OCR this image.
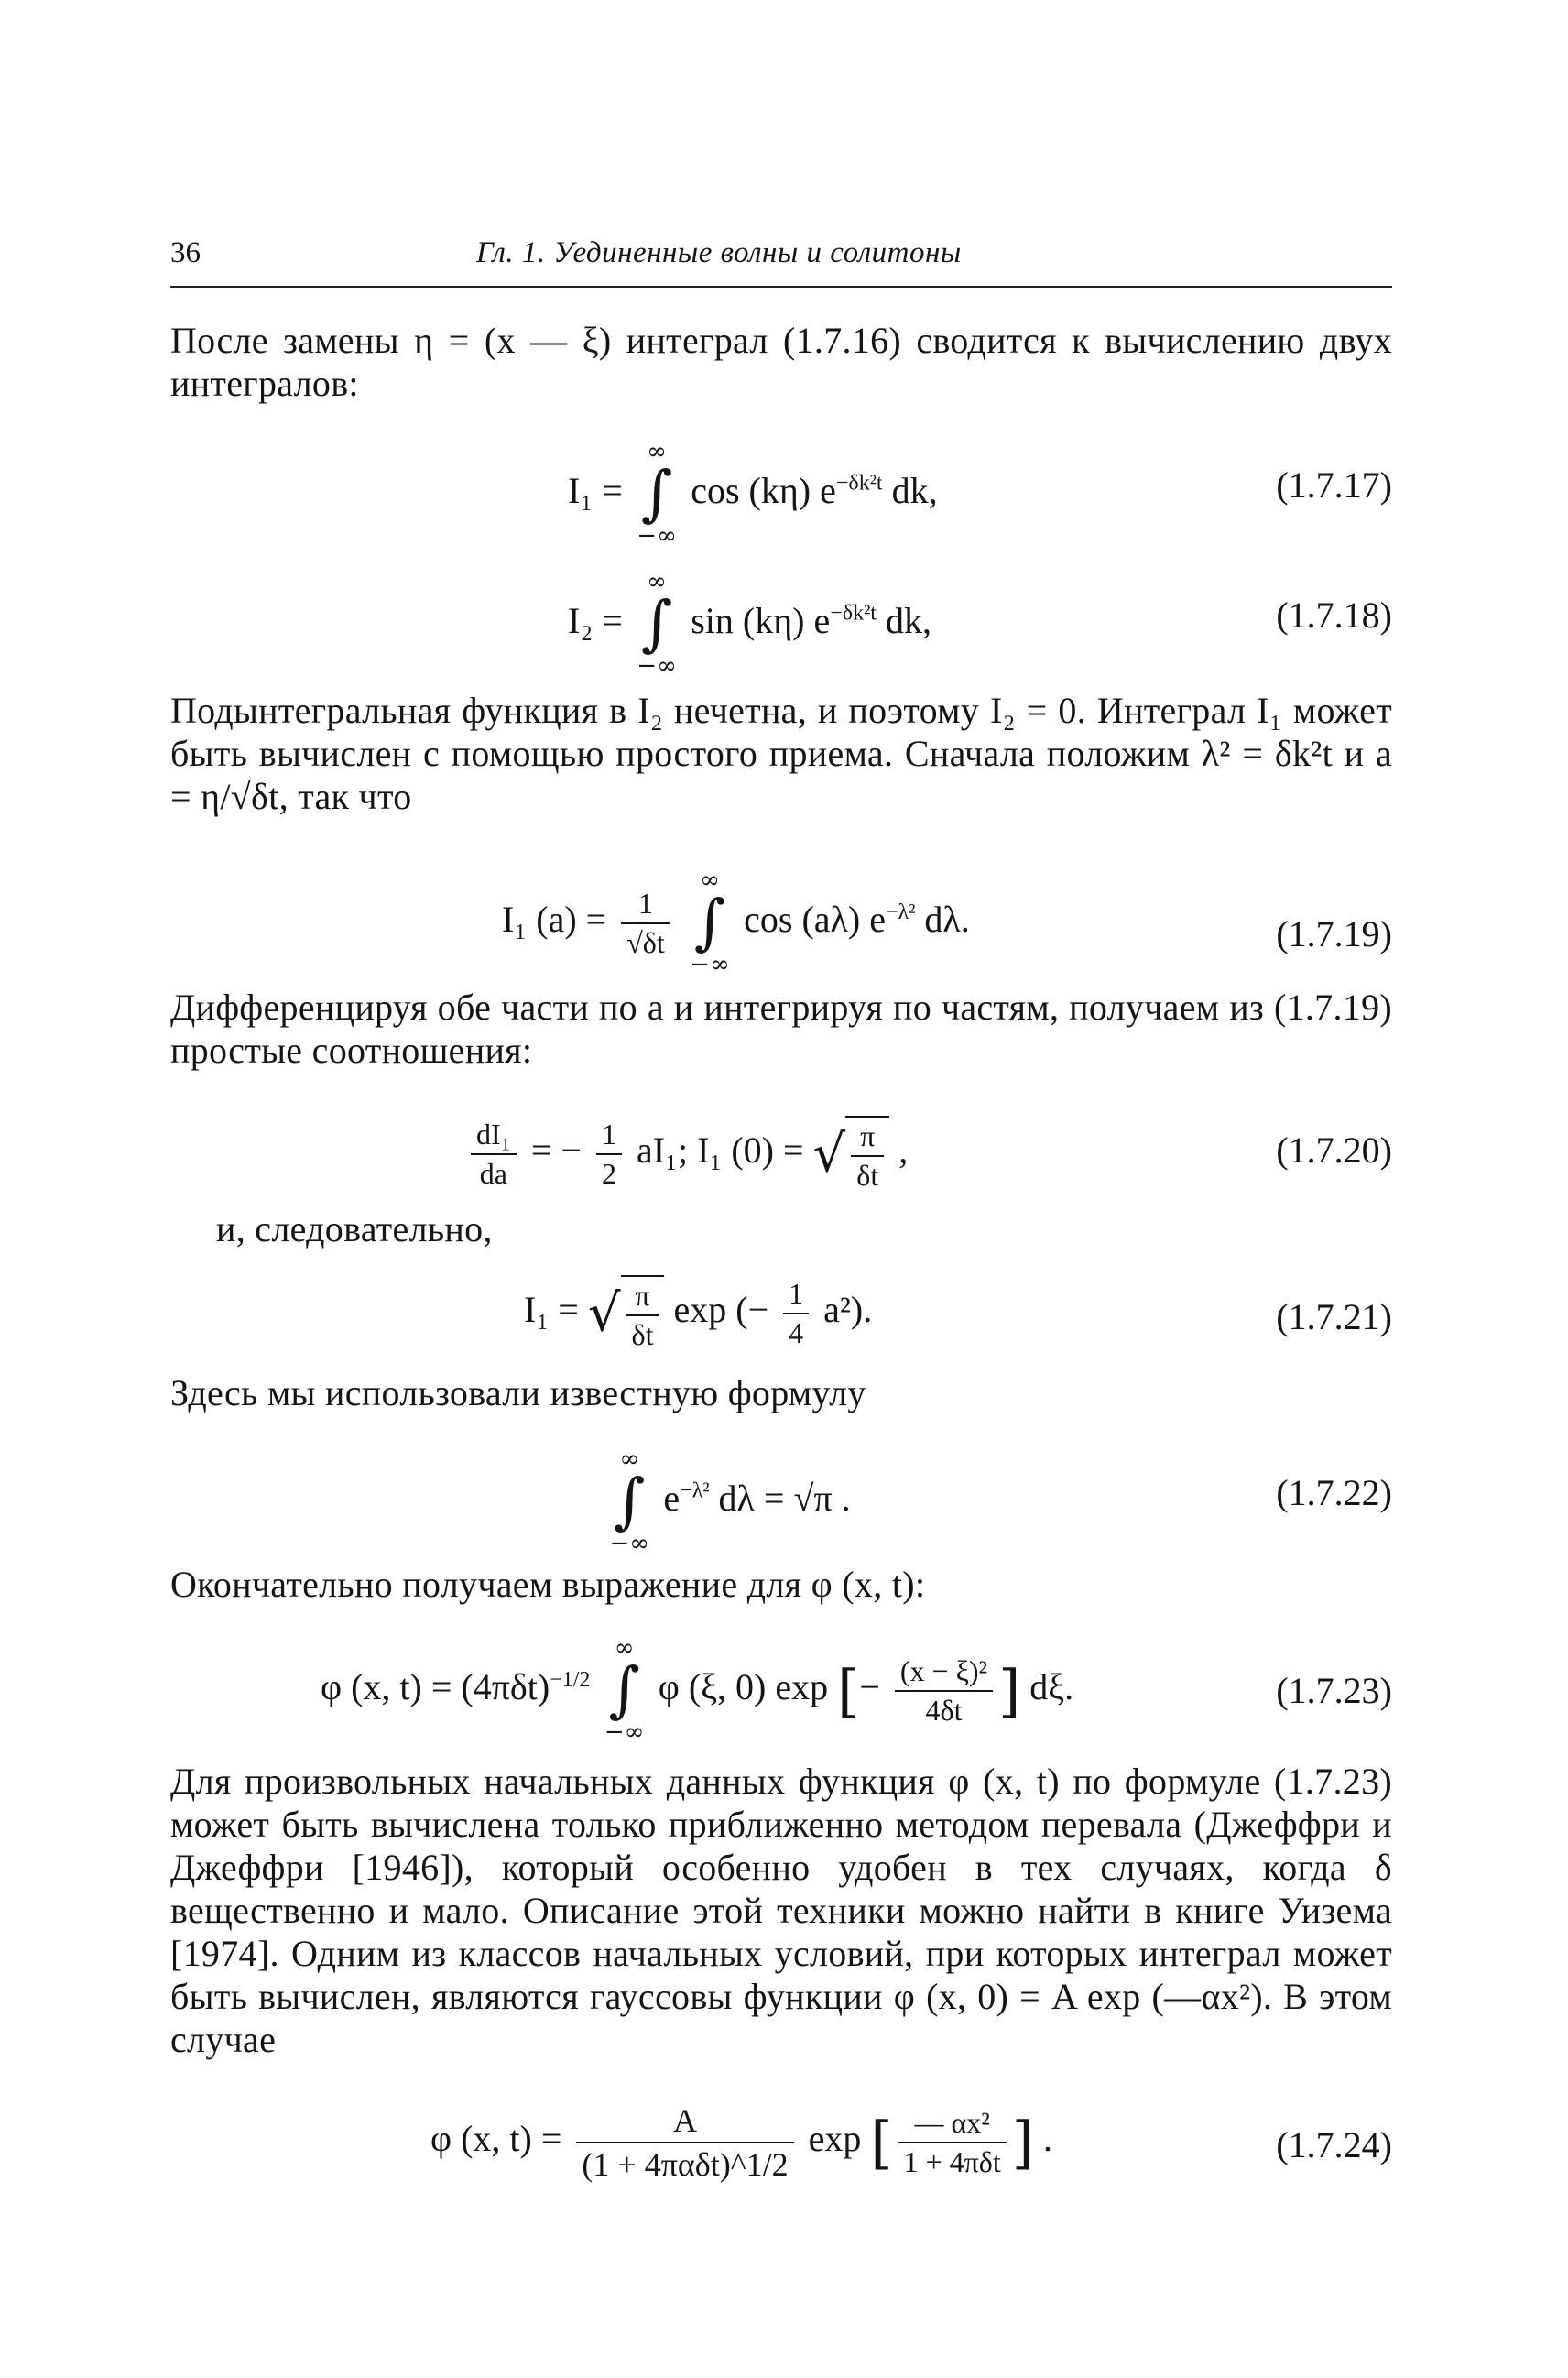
36	Гл. 1. Уединенные волны и солитоны
После замены η = (x — ξ) интеграл (1.7.16) сводится к вычислению двух интегралов:
I₁ = ∫
∞
−∞
cos (kη) $e^{-\delta k^2t}$ dk,	(1.7.17)
I₂ = ∫
∞
−∞
sin (kη) $e^{-\delta k^2t}$ dk,	(1.7.18)
Подынтегральная функция в I₂ нечетна, и поэтому I₂ = 0. Интеграл I₁ может быть вычислен с помощью простого приема. Сначала положим λ² = δk²t и a = η/√δt, так что
I₁ $(a) = \frac{1}{√\delta t}$ ∫
∞
−∞
cos (aλ) $e^{-\lambda^2}$ dλ.	(1.7.19)
Дифференцируя обе части по a и интегрируя по частям, получаем из (1.7.19) простые соотношения:
$\frac{\text{dI₁}}{da}$ = − $\frac{1}{2} aI_1$; I₁ (0) = √ $\frac{\pi}{\delta t}$ ,	(1.7.20)
и, следовательно,
I₁ = √ $\frac{\pi}{\delta t}$ exp (− $\frac{1}{4} a^2$).	(1.7.21)
Здесь мы использовали известную формулу
∫
∞
−∞
$e^{-\lambda^2}$ dλ = √π .	(1.7.22)
Окончательно получаем выражение для φ (x, t):
φ (x, $t) = (4\pi\delta t)^{-1/2}$ ∫
∞
−∞
φ (ξ, 0) exp [− $\frac{\text{(x − ξ)²}}{4\delta t}$ ] dξ.	(1.7.23)
Для произвольных начальных данных функция φ (x, t) по формуле (1.7.23) может быть вычислена только приближенно методом перевала (Джеффри и Джеффри [1946]), который особенно удобен в тех случаях, когда δ вещественно и мало. Описание этой техники можно найти в книге Уизема [1974]. Одним из классов начальных условий, при которых интеграл может быть вычислен, являются гауссовы функции φ (x, 0) = A exp (—αx²). В этом случае
φ (x, $t) = \frac{A}{\text{(1 + 4παδt)\textasciicircum{}1/2}}$ exp [ $\frac{\text{— αx²}}{\text{1 + 4πδt}}$ ] .	(1.7.24)
